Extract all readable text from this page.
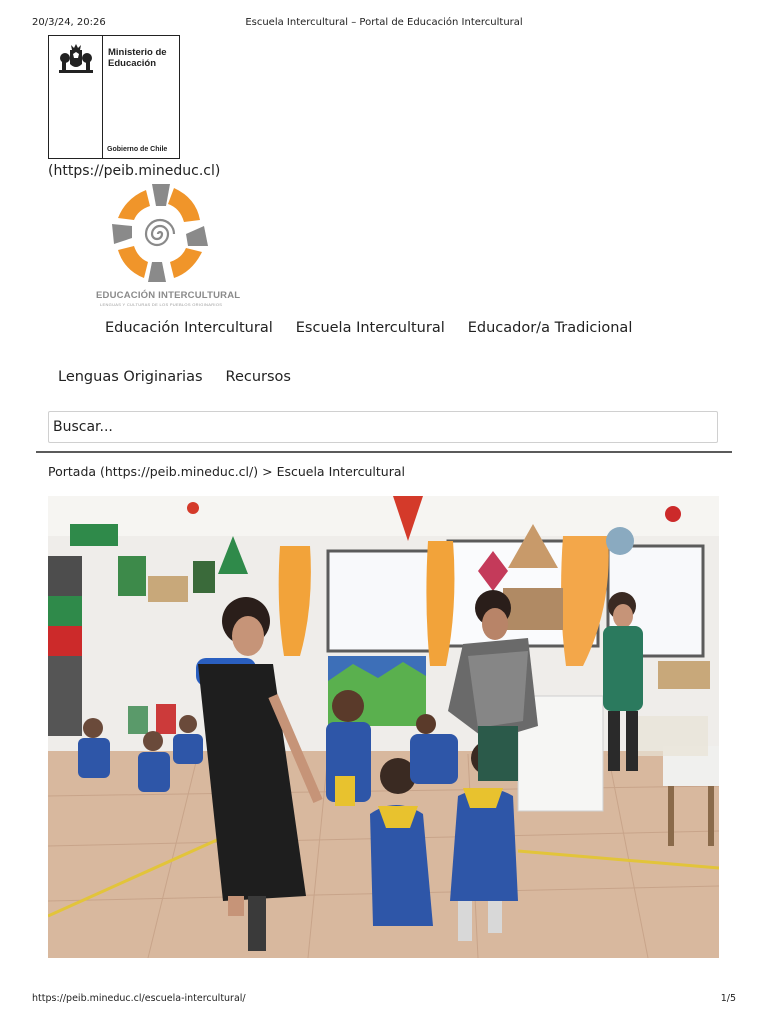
20/3/24, 20:26	Escuela Intercultural – Portal de Educación Intercultural
Ministerio de
Educación
Gobierno de Chile
(https://peib.mineduc.cl)
EDUCACIÓN INTERCULTURAL
LENGUAS Y CULTURAS DE LOS PUEBLOS ORIGINARIOS
Educación Intercultural Escuela Intercultural Educador/a Tradicional
Lenguas Originarias Recursos
Buscar...
Portada (https://peib.mineduc.cl/) > Escuela Intercultural
https://peib.mineduc.cl/escuela-intercultural/	1/5
